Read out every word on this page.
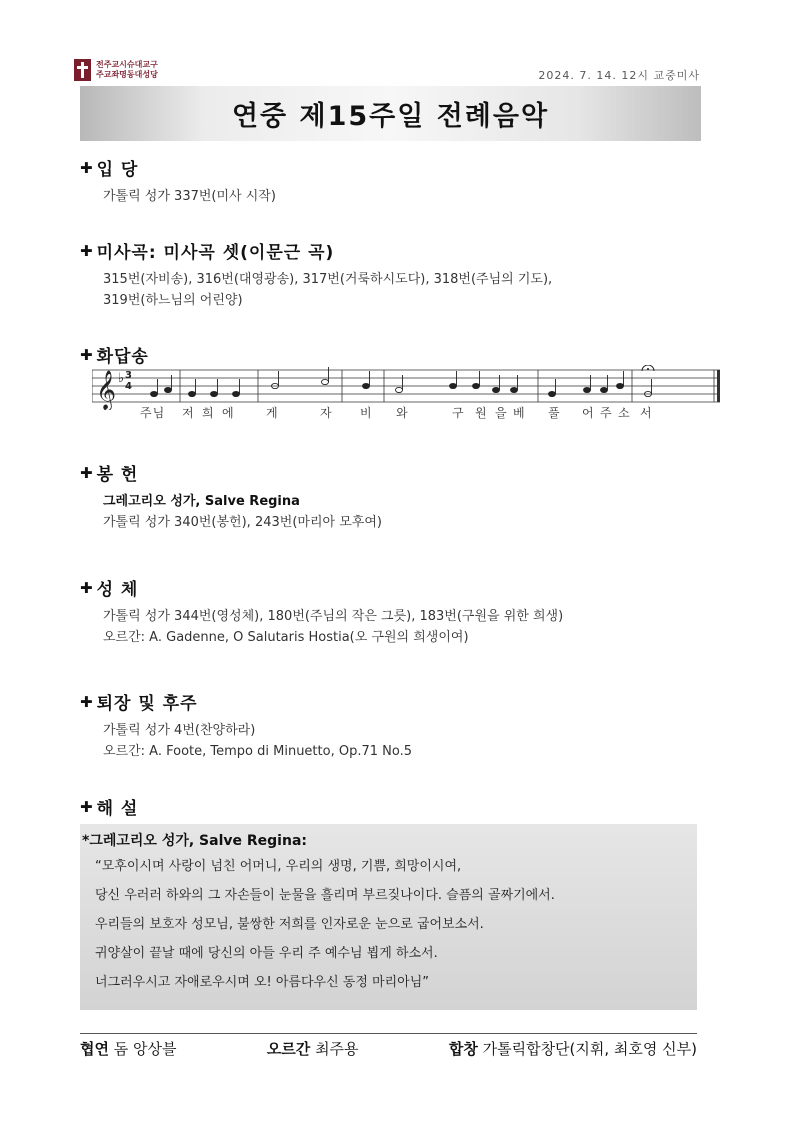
전주교시슈대교구
주교좌명동대성당	2024. 7. 14. 12시 교중미사
연중 제15주일 전례음악
✚ 입 당
가톨릭 성가 337번(미사 시작)
✚ 미사곡: 미사곡 셋(이문근 곡)
315번(자비송), 316번(대영광송), 317번(거룩하시도다), 318번(주님의 기도),
319번(하느님의 어린양)
✚ 화답송
𝄞 ♭ 3
4
주님 저 희 에	게	자 비 와	구 원 을 베 풀 어 주 소 서
✚ 봉 헌
그레고리오 성가, Salve Regina
가톨릭 성가 340번(봉헌), 243번(마리아 모후여)
✚ 성 체
가톨릭 성가 344번(영성체), 180번(주님의 작은 그릇), 183번(구원을 위한 희생)
오르간: A. Gadenne, O Salutaris Hostia(오 구원의 희생이여)
✚ 퇴장 및 후주
가톨릭 성가 4번(찬양하라)
오르간: A. Foote, Tempo di Minuetto, Op.71 No.5
✚ 해 설
*그레고리오 성가, Salve Regina:
“모후이시며 사랑이 넘친 어머니, 우리의 생명, 기쁨, 희망이시여,
당신 우러러 하와의 그 자손들이 눈물을 흘리며 부르짖나이다. 슬픔의 골짜기에서.
우리들의 보호자 성모님, 불쌍한 저희를 인자로운 눈으로 굽어보소서.
귀양살이 끝날 때에 당신의 아들 우리 주 예수님 뵙게 하소서.
너그러우시고 자애로우시며 오! 아름다우신 동정 마리아님”
협연 돔 앙상블	오르간 최주용	합창 가톨릭합창단(지휘, 최호영 신부)
